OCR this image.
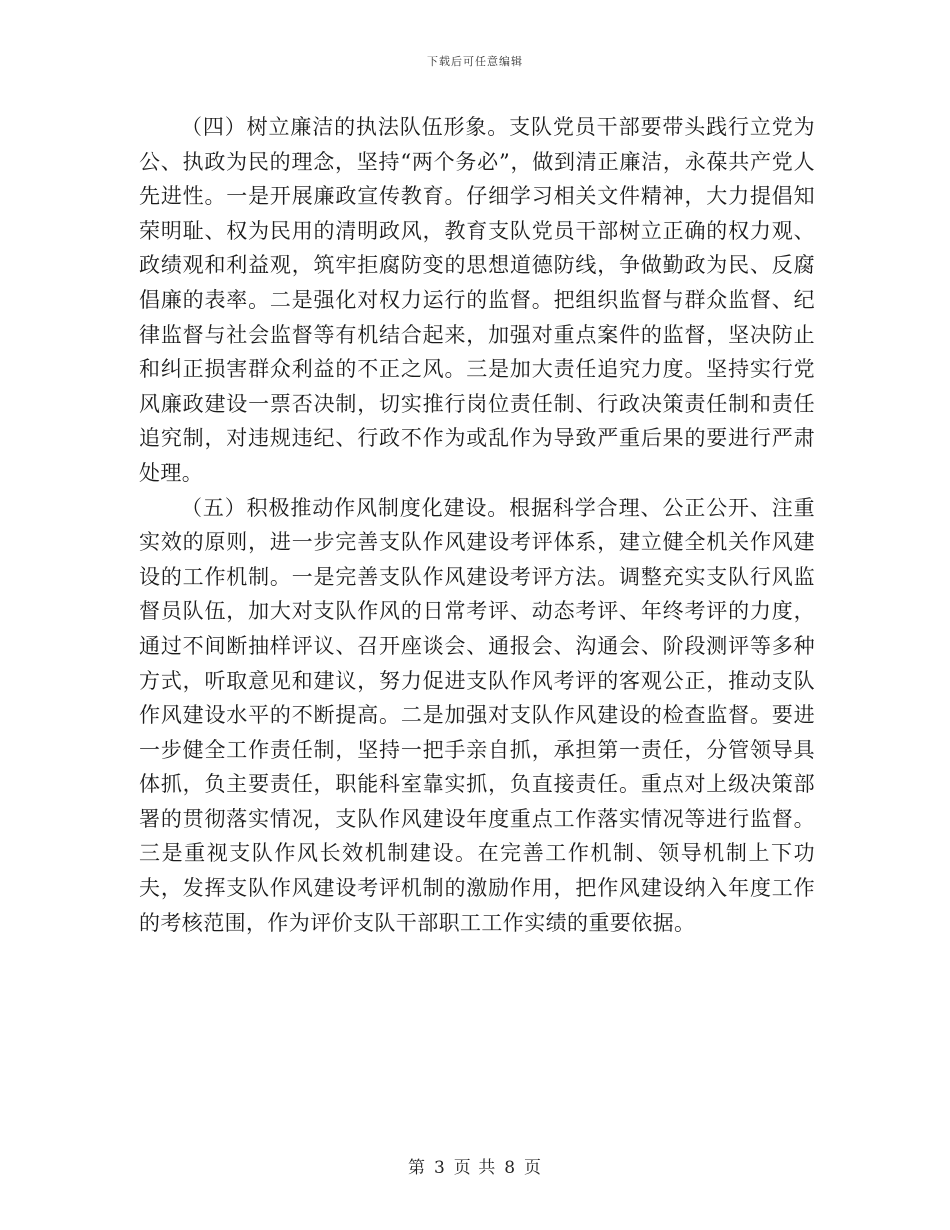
下载后可任意编辑

（四）树立廉洁的执法队伍形象。支队党员干部要带头践行立党为公、执政为民的理念，坚持“两个务必”，做到清正廉洁，永葆共产党人先进性。一是开展廉政宣传教育。仔细学习相关文件精神，大力提倡知荣明耻、权为民用的清明政风，教育支队党员干部树立正确的权力观、政绩观和利益观，筑牢拒腐防变的思想道德防线，争做勤政为民、反腐倡廉的表率。二是强化对权力运行的监督。把组织监督与群众监督、纪律监督与社会监督等有机结合起来，加强对重点案件的监督，坚决防止和纠正损害群众利益的不正之风。三是加大责任追究力度。坚持实行党风廉政建设一票否决制，切实推行岗位责任制、行政决策责任制和责任追究制，对违规违纪、行政不作为或乱作为导致严重后果的要进行严肃处理。

（五）积极推动作风制度化建设。根据科学合理、公正公开、注重实效的原则，进一步完善支队作风建设考评体系，建立健全机关作风建设的工作机制。一是完善支队作风建设考评方法。调整充实支队行风监督员队伍，加大对支队作风的日常考评、动态考评、年终考评的力度，通过不间断抽样评议、召开座谈会、通报会、沟通会、阶段测评等多种方式，听取意见和建议，努力促进支队作风考评的客观公正，推动支队作风建设水平的不断提高。二是加强对支队作风建设的检查监督。要进一步健全工作责任制，坚持一把手亲自抓，承担第一责任，分管领导具体抓，负主要责任，职能科室靠实抓，负直接责任。重点对上级决策部署的贯彻落实情况，支队作风建设年度重点工作落实情况等进行监督。三是重视支队作风长效机制建设。在完善工作机制、领导机制上下功夫，发挥支队作风建设考评机制的激励作用，把作风建设纳入年度工作的考核范围，作为评价支队干部职工工作实绩的重要依据。

第 3 页 共 8 页
